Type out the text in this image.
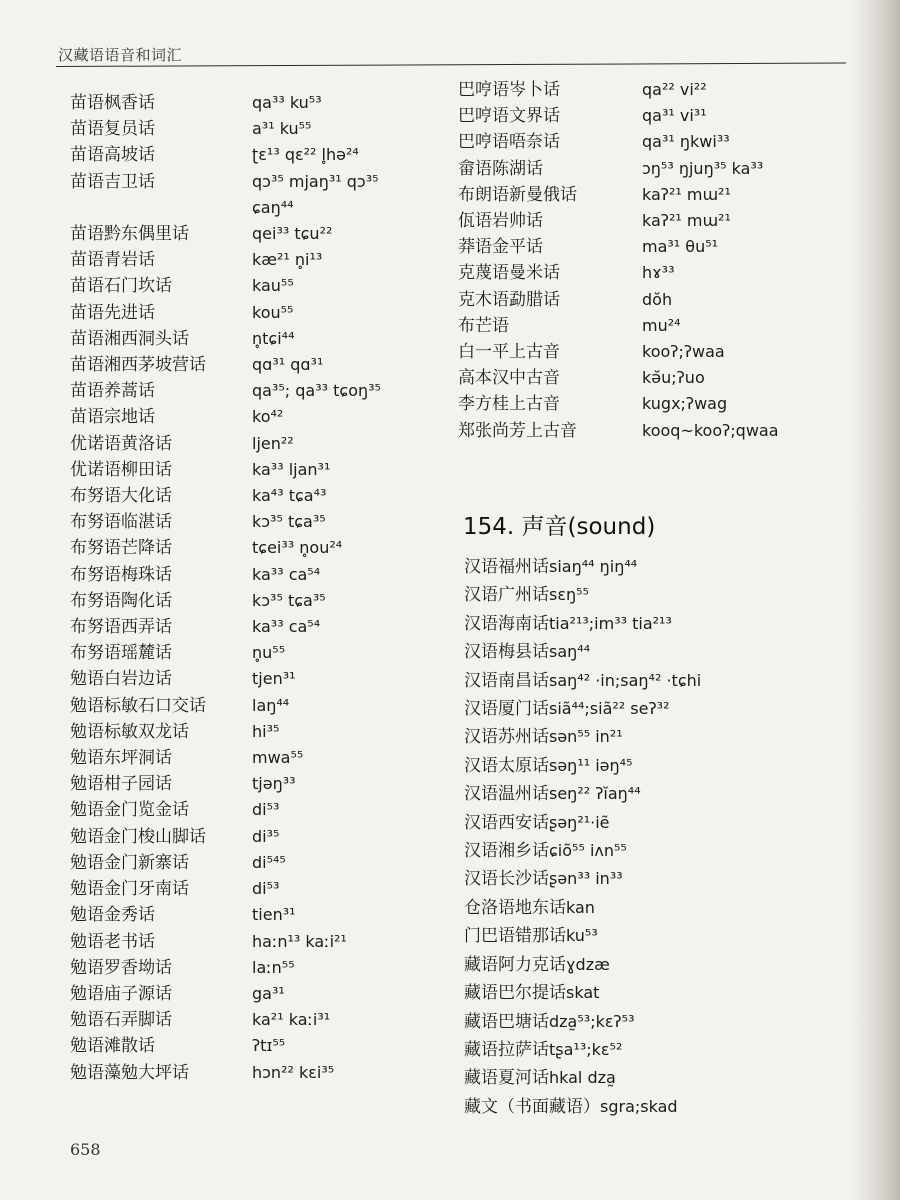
汉藏语语音和词汇
苗语枫香话	qa³³ ku⁵³
苗语复员话	a³¹ ku⁵⁵
苗语高坡话	ʈɛ¹³ qɛ²² l̥hə²⁴
苗语吉卫话	qɔ³⁵ mjaŋ³¹ qɔ³⁵
ɕaŋ⁴⁴
苗语黔东偶里话	qei³³ tɕu²²
苗语青岩话	kæ²¹ n̥i¹³
苗语石门坎话	kau⁵⁵
苗语先进话	kou⁵⁵
苗语湘西洞头话	n̥tɕi⁴⁴
苗语湘西茅坡营话	qɑ³¹ qɑ³¹
苗语养蒿话	qa³⁵; qa³³ tɕoŋ³⁵
苗语宗地话	ko⁴²
优诺语黄洛话	ljen²²
优诺语柳田话	ka³³ ljan³¹
布努语大化话	ka⁴³ tɕa⁴³
布努语临湛话	kɔ³⁵ tɕa³⁵
布努语芒降话	tɕei³³ n̥ou²⁴
布努语梅珠话	ka³³ ca⁵⁴
布努语陶化话	kɔ³⁵ tɕa³⁵
布努语西弄话	ka³³ ca⁵⁴
布努语瑶麓话	n̥u⁵⁵
勉语白岩边话	tjen³¹
勉语标敏石口交话	laŋ⁴⁴
勉语标敏双龙话	hi³⁵
勉语东坪洞话	mwa⁵⁵
勉语柑子园话	tjəŋ³³
勉语金门览金话	di⁵³
勉语金门梭山脚话	di³⁵
勉语金门新寨话	di⁵⁴⁵
勉语金门牙南话	di⁵³
勉语金秀话	tien³¹
勉语老书话	haːn¹³ kaːi²¹
勉语罗香坳话	laːn⁵⁵
勉语庙子源话	ga³¹
勉语石弄脚话	ka²¹ kaːi³¹
勉语滩散话	ʔtɪ⁵⁵
勉语藻勉大坪话	hɔn²² kɛi³⁵
巴哼语岑卜话	qa²² vi²²
巴哼语文界话	qa³¹ vi³¹
巴哼语唔奈话	qa³¹ ŋkwi³³
畲语陈湖话	ɔŋ⁵³ ŋjuŋ³⁵ ka³³
布朗语新曼俄话	kaʔ²¹ mɯ²¹
佤语岩帅话	kaʔ²¹ mɯ²¹
莽语金平话	ma³¹ θu⁵¹
克蔑语曼米话	hɤ³³
克木语勐腊话	dŏh
布芒语	mu²⁴
白一平上古音	kooʔ;ʔwaa
高本汉中古音	kǝ̆u;ʔuo
李方桂上古音	kugx;ʔwag
郑张尚芳上古音	kooq~kooʔ;qwaa
154. 声音(sound)
汉语福州话 siaŋ⁴⁴ ŋiŋ⁴⁴
汉语广州话 sɛŋ⁵⁵
汉语海南话 tia²¹³;im³³ tia²¹³
汉语梅县话 saŋ⁴⁴
汉语南昌话 saŋ⁴² ·in;saŋ⁴² ·tɕhi
汉语厦门话 siã⁴⁴;siã²² seʔ³²
汉语苏州话 sən⁵⁵ in²¹
汉语太原话 səŋ¹¹ iəŋ⁴⁵
汉语温州话 seŋ²² ʔĭaŋ⁴⁴
汉语西安话 ʂəŋ²¹·iẽ
汉语湘乡话 ɕiõ⁵⁵ iʌn⁵⁵
汉语长沙话 ʂən³³ in³³
仓洛语地东话 kan
门巴语错那话 ku⁵³
藏语阿力克话 ɣdzæ
藏语巴尔提话 skat
藏语巴塘话 dza̰⁵³;kɛʔ⁵³
藏语拉萨话 tʂa¹³;kɛ⁵²
藏语夏河话 hkal dza̰
藏文（书面藏语） sgra;skad
658
